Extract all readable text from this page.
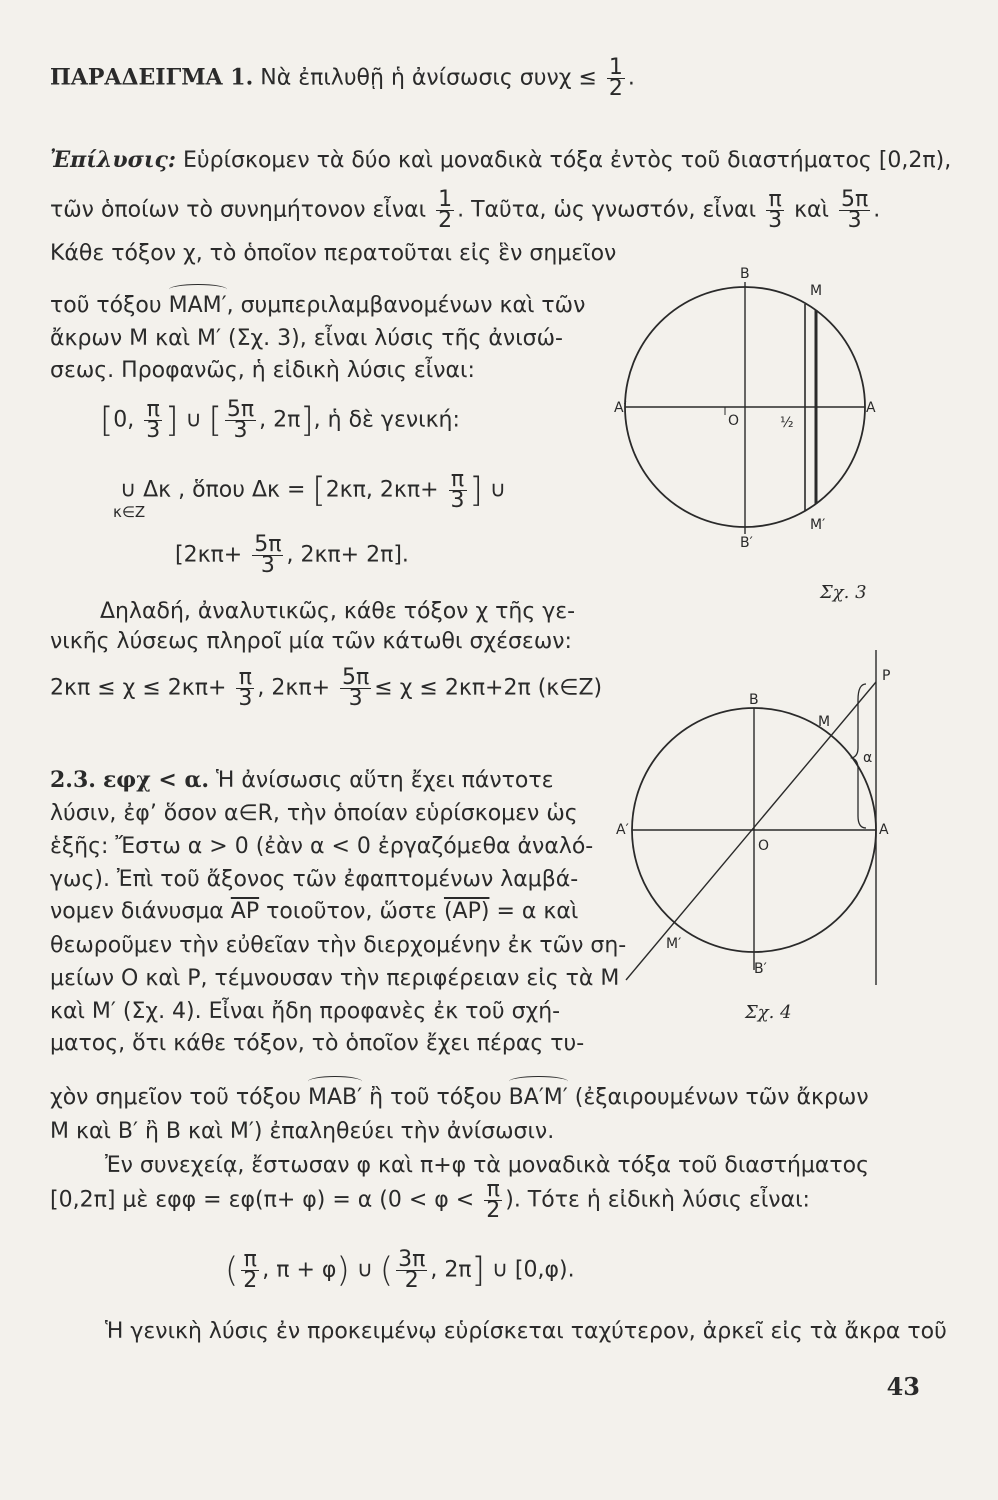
ΠΑΡΑΔΕΙΓΜΑ 1. Νὰ ἐπιλυθῇ ἡ ἀνίσωσις $\sigma\upsilon\nu\chi \le \frac{1}{2}$ .
Ἐπίλυσις: Εὑρίσκομεν τὰ δύο καὶ μοναδικὰ τόξα ἐντὸς τοῦ διαστήματος [0,2π),
τῶν ὁποίων τὸ συνημήτονον εἶναι $\frac{1}{2}$ . Ταῦτα, ὡς γνωστόν, εἶναι $\frac{\pi}{3}$ καὶ $\frac{5\pi}{3}$ .
Κάθε τόξον χ, τὸ ὁποῖον περατοῦται εἰς ἓν σημεῖον
τοῦ τόξου MAM′, συμπεριλαμβανομένων καὶ τῶν
ἄκρων Μ καὶ Μ′ (Σχ. 3), εἶναι λύσις τῆς ἀνισώ-
σεως. Προφανῶς, ἡ εἰδικὴ λύσις εἶναι:
[0, $\frac{\pi}{3}$ ] ∪ [ $\frac{5\pi}{3}$ , 2π], ἡ δὲ γενική:
∪ Δκ , ὅπου Δκ = [2κπ, $2\kappa\pi+ \frac{\pi}{3}$ ] ∪
κ∈Z
[$2\kappa\pi+ \frac{5\pi}{3}$ , 2κπ+ 2π].
Δηλαδή, ἀναλυτικῶς, κάθε τόξον χ τῆς γε-
νικῆς λύσεως πληροῖ μία τῶν κάτωθι σχέσεων:
$2\kappa\pi \le \chi \le 2\kappa\pi+ \frac{\pi}{3}$ , $2\kappa\pi+ \frac{5\pi}{3} \le \chi \le 2\kappa\pi+2\pi$ (κ∈Z)
2.3. εφχ < α. Ἡ ἀνίσωσις αὕτη ἔχει πάντοτε
λύσιν, ἐφ’ ὅσον α∈R, τὴν ὁποίαν εὑρίσκομεν ὡς
ἑξῆς: Ἔστω α > 0 (ἐὰν α < 0 ἐργαζόμεθα ἀναλό-
γως). Ἐπὶ τοῦ ἄξονος τῶν ἐφαπτομένων λαμβά-
νομεν διάνυσμα $\overline{AP}$ τοιοῦτον, ὥστε (AP) = α καὶ
θεωροῦμεν τὴν εὐθεῖαν τὴν διερχομένην ἐκ τῶν ση-
μείων Ο καὶ Ρ, τέμνουσαν τὴν περιφέρειαν εἰς τὰ Μ
καὶ Μ′ (Σχ. 4). Εἶναι ἤδη προφανὲς ἐκ τοῦ σχή-
ματος, ὅτι κάθε τόξον, τὸ ὁποῖον ἔχει πέρας τυ-
χὸν σημεῖον τοῦ τόξου MAB′ ἢ τοῦ τόξου BA′M′ (ἐξαιρουμένων τῶν ἄκρων
Μ καὶ Β′ ἢ Β καὶ Μ′) ἐπαληθεύει τὴν ἀνίσωσιν.
Ἐν συνεχείᾳ, ἔστωσαν φ καὶ π+φ τὰ μοναδικὰ τόξα τοῦ διαστήματος
[0,2π] μὲ εφφ = εφ(π+ φ) = α ($0 < \varphi < \frac{\pi}{2}$ ). Τότε ἡ εἰδικὴ λύσις εἶναι:
( $\frac{\pi}{2}$ , π + φ) ∪ ( $\frac{3\pi}{2}$ , 2π] ∪ [0,φ).
Ἡ γενικὴ λύσις ἐν προκειμένῳ εὑρίσκεται ταχύτερον, ἀρκεῖ εἰς τὰ ἄκρα τοῦ
B
M
A′	A
O	½
M′
B′
Σχ. 3
B
M
P
α
A
A′
O
M′
B′
Σχ. 4
43
